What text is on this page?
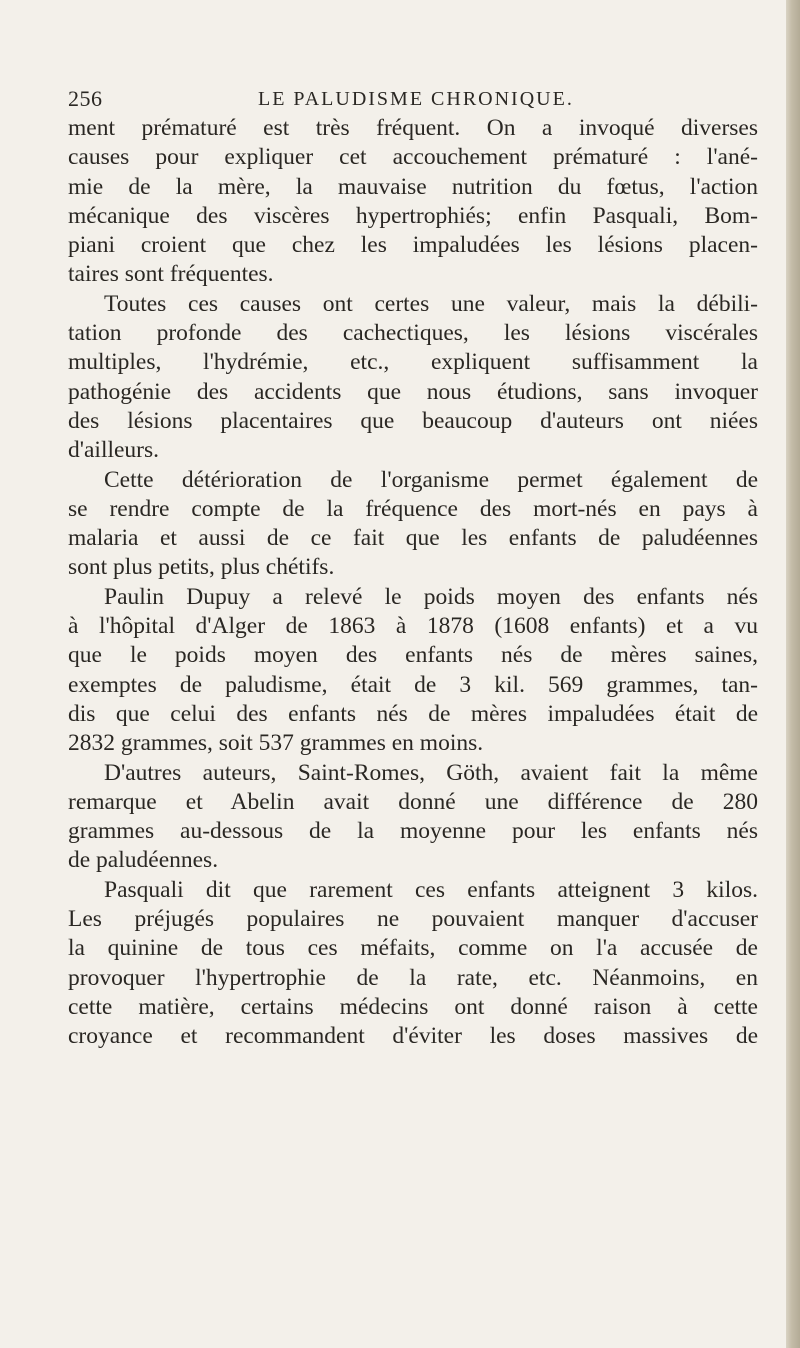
256	LE PALUDISME CHRONIQUE.
ment prématuré est très fréquent. On a invoqué diverses
causes pour expliquer cet accouchement prématuré : l'ané-
mie de la mère, la mauvaise nutrition du fœtus, l'action
mécanique des viscères hypertrophiés; enfin Pasquali, Bom-
piani croient que chez les impaludées les lésions placen-
taires sont fréquentes.
Toutes ces causes ont certes une valeur, mais la débili-
tation profonde des cachectiques, les lésions viscérales
multiples, l'hydrémie, etc., expliquent suffisamment la
pathogénie des accidents que nous étudions, sans invoquer
des lésions placentaires que beaucoup d'auteurs ont niées
d'ailleurs.
Cette détérioration de l'organisme permet également de
se rendre compte de la fréquence des mort-nés en pays à
malaria et aussi de ce fait que les enfants de paludéennes
sont plus petits, plus chétifs.
Paulin Dupuy a relevé le poids moyen des enfants nés
à l'hôpital d'Alger de 1863 à 1878 (1608 enfants) et a vu
que le poids moyen des enfants nés de mères saines,
exemptes de paludisme, était de 3 kil. 569 grammes, tan-
dis que celui des enfants nés de mères impaludées était de
2832 grammes, soit 537 grammes en moins.
D'autres auteurs, Saint-Romes, Göth, avaient fait la même
remarque et Abelin avait donné une différence de 280
grammes au-dessous de la moyenne pour les enfants nés
de paludéennes.
Pasquali dit que rarement ces enfants atteignent 3 kilos.
Les préjugés populaires ne pouvaient manquer d'accuser
la quinine de tous ces méfaits, comme on l'a accusée de
provoquer l'hypertrophie de la rate, etc. Néanmoins, en
cette matière, certains médecins ont donné raison à cette
croyance et recommandent d'éviter les doses massives de
